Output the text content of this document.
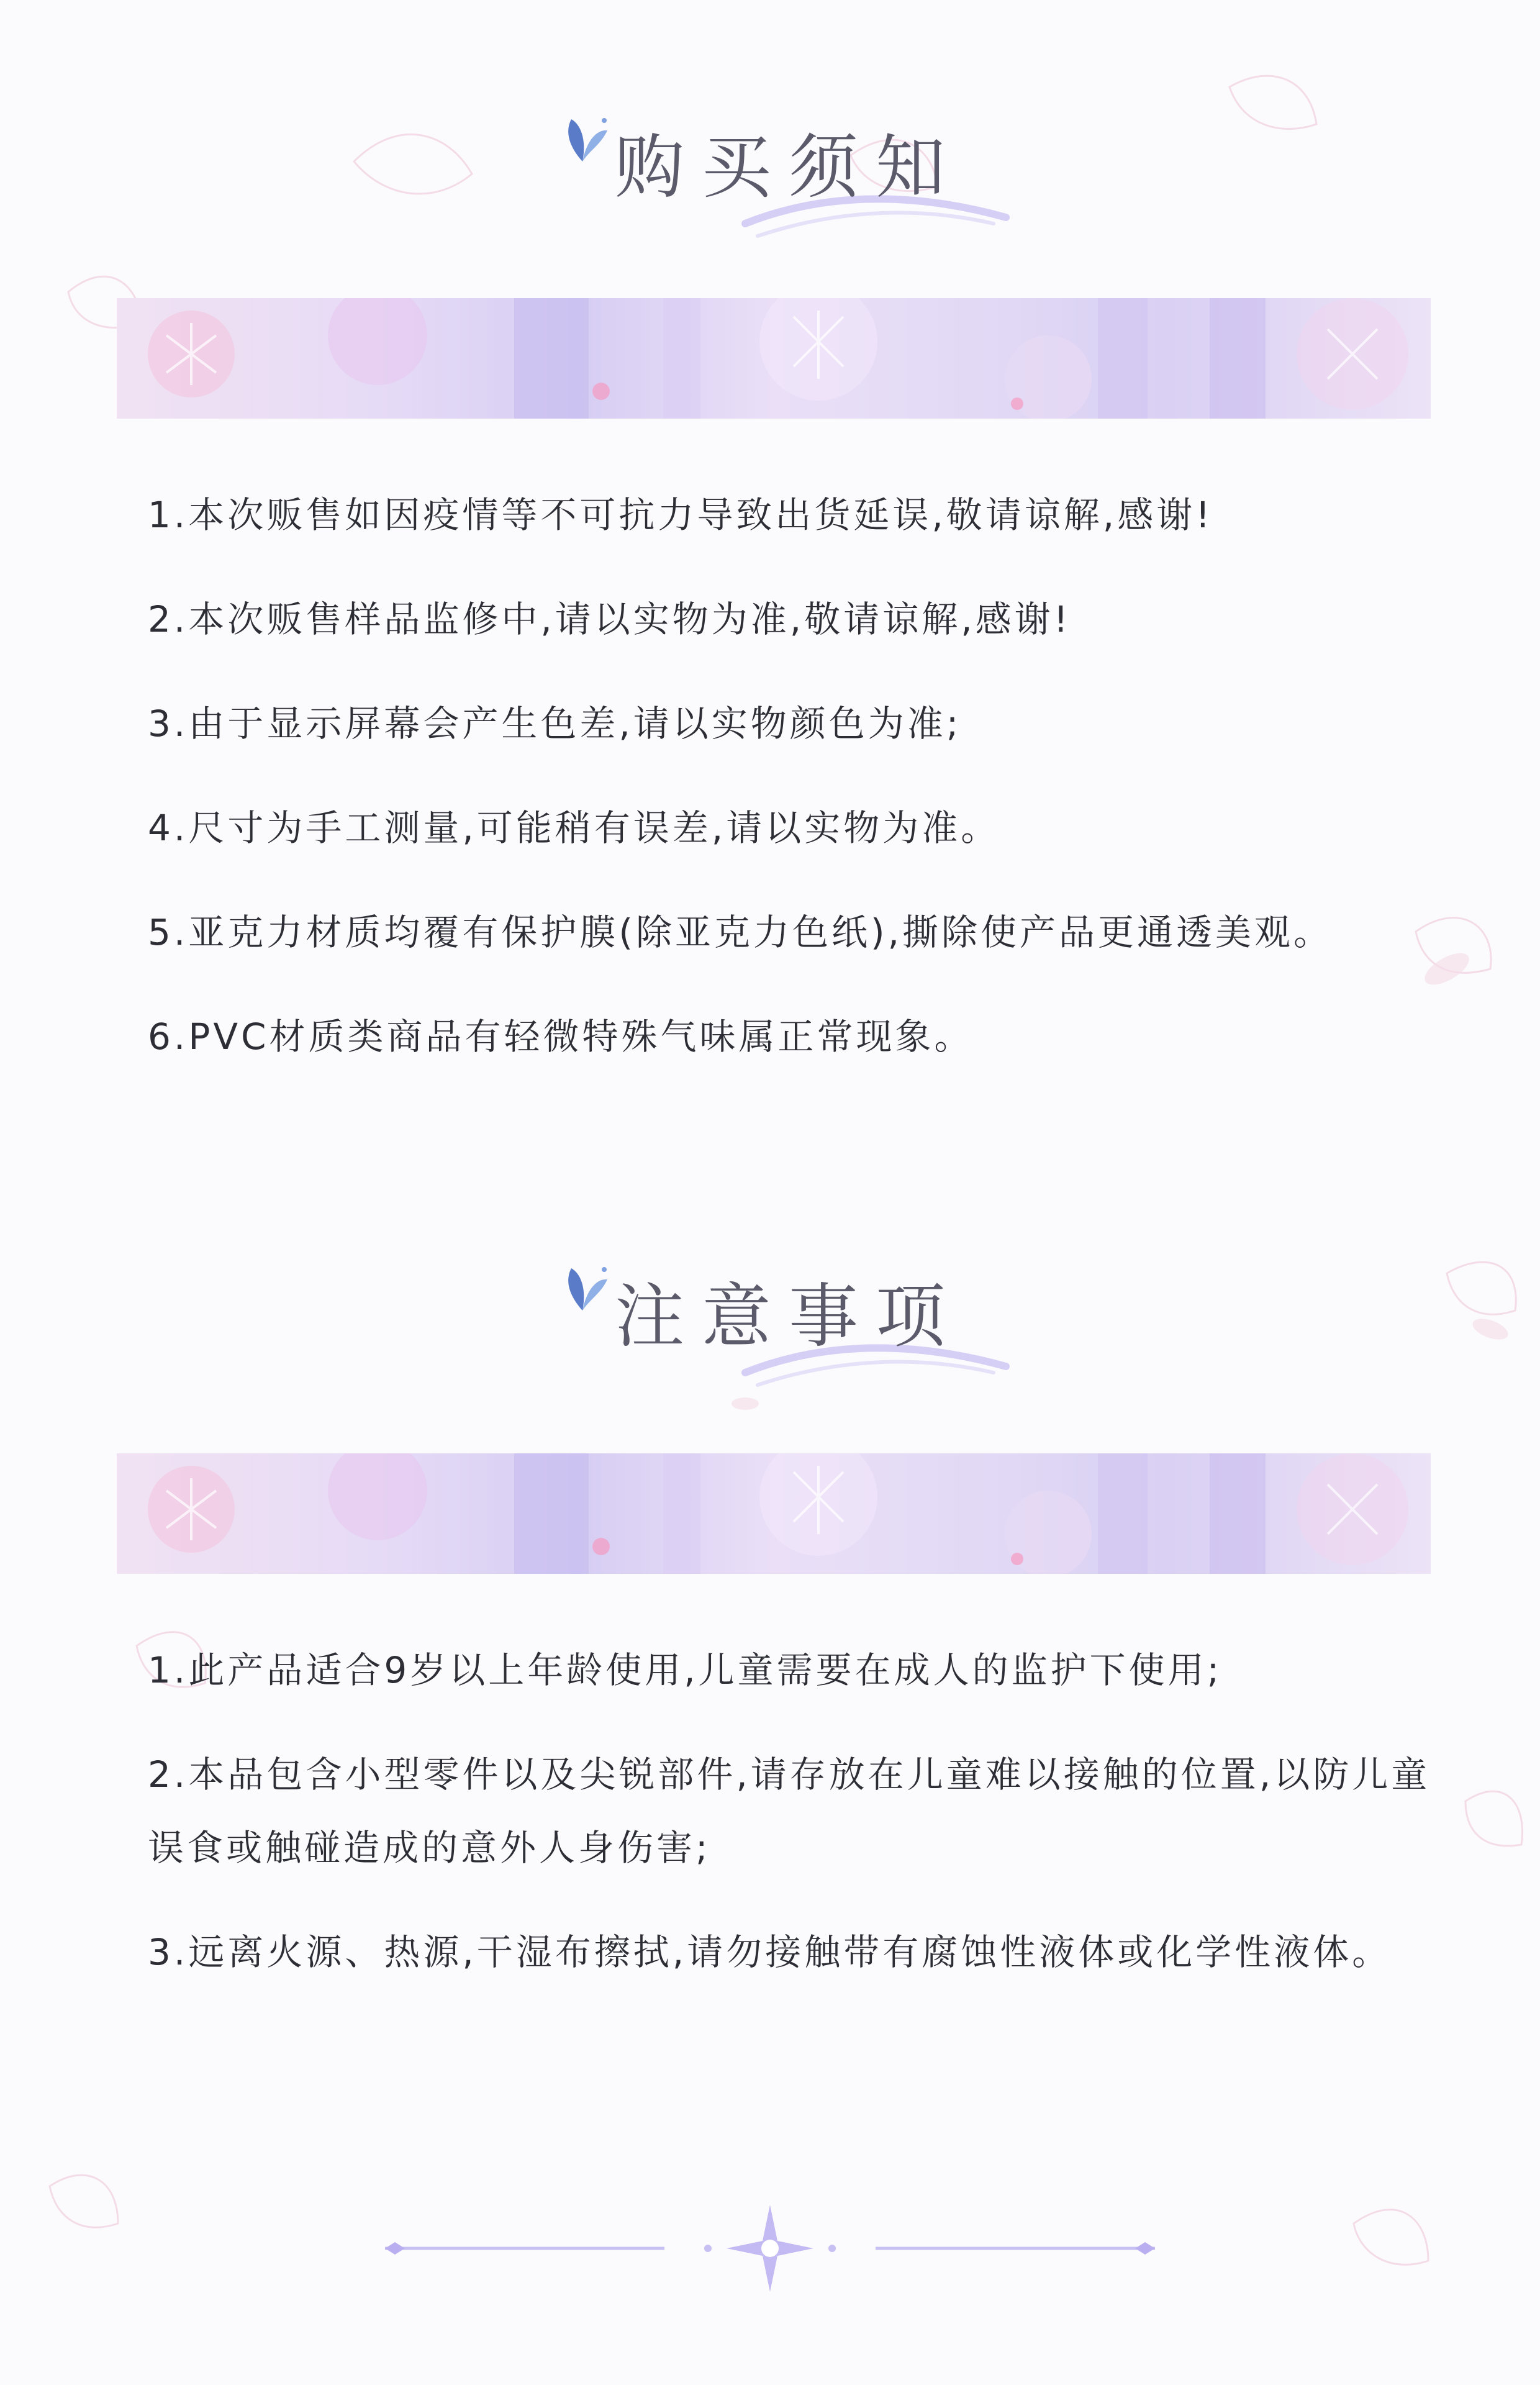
购买须知
1.本次贩售如因疫情等不可抗力导致出货延误,敬请谅解,感谢!
2.本次贩售样品监修中,请以实物为准,敬请谅解,感谢!
3.由于显示屏幕会产生色差,请以实物颜色为准;
4.尺寸为手工测量,可能稍有误差,请以实物为准。
5.亚克力材质均覆有保护膜(除亚克力色纸),撕除使产品更通透美观。
6.PVC材质类商品有轻微特殊气味属正常现象。
注意事项
1.此产品适合9岁以上年龄使用,儿童需要在成人的监护下使用;
2.本品包含小型零件以及尖锐部件,请存放在儿童难以接触的位置,以防儿童误食或触碰造成的意外人身伤害;
3.远离火源、热源,干湿布擦拭,请勿接触带有腐蚀性液体或化学性液体。
